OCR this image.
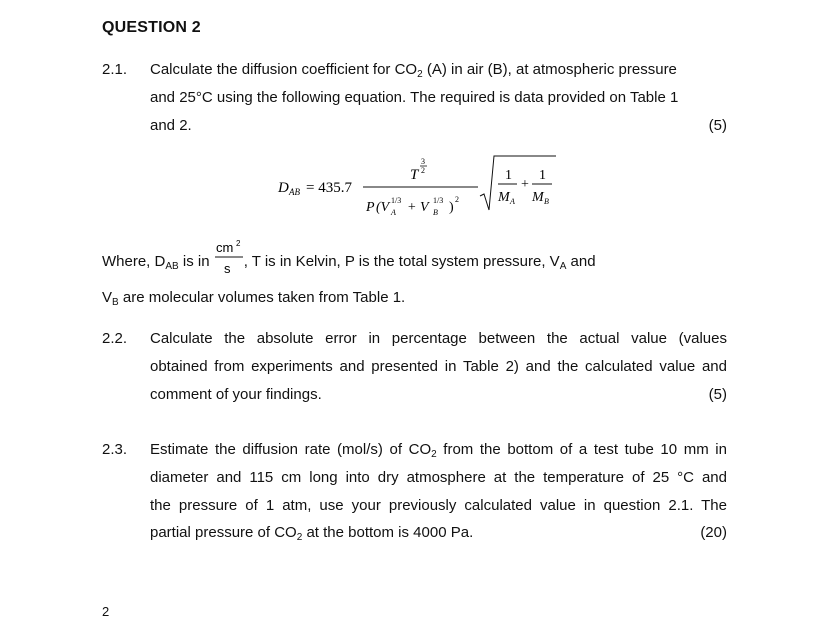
QUESTION 2
2.1. Calculate the diffusion coefficient for $CO_2$ (A) in air (B), at atmospheric pressure
and 25°C using the following equation. The required is data provided on Table 1
and 2.	(5)
D AB = 435.7
T
3
2
P (V 1/3
A + V 1/3
B )
2
1
M A
+
1
M B
Where, $D_{AB}$ is in
cm 2
s , T is in Kelvin, P is the total system pressure, $V_A$ and
$V_B$ are molecular volumes taken from Table 1.
2.2. Calculate the absolute error in percentage between the actual value (values
obtained from experiments and presented in Table 2) and the calculated value and
comment of your findings.	(5)
2.3. Estimate the diffusion rate (mol/s) of $CO_2$ from the bottom of a test tube 10 mm in
diameter and 115 cm long into dry atmosphere at the temperature of 25 °C and
the pressure of 1 atm, use your previously calculated value in question 2.1. The
partial pressure of $CO_2$ at the bottom is 4000 Pa.	(20)
2
